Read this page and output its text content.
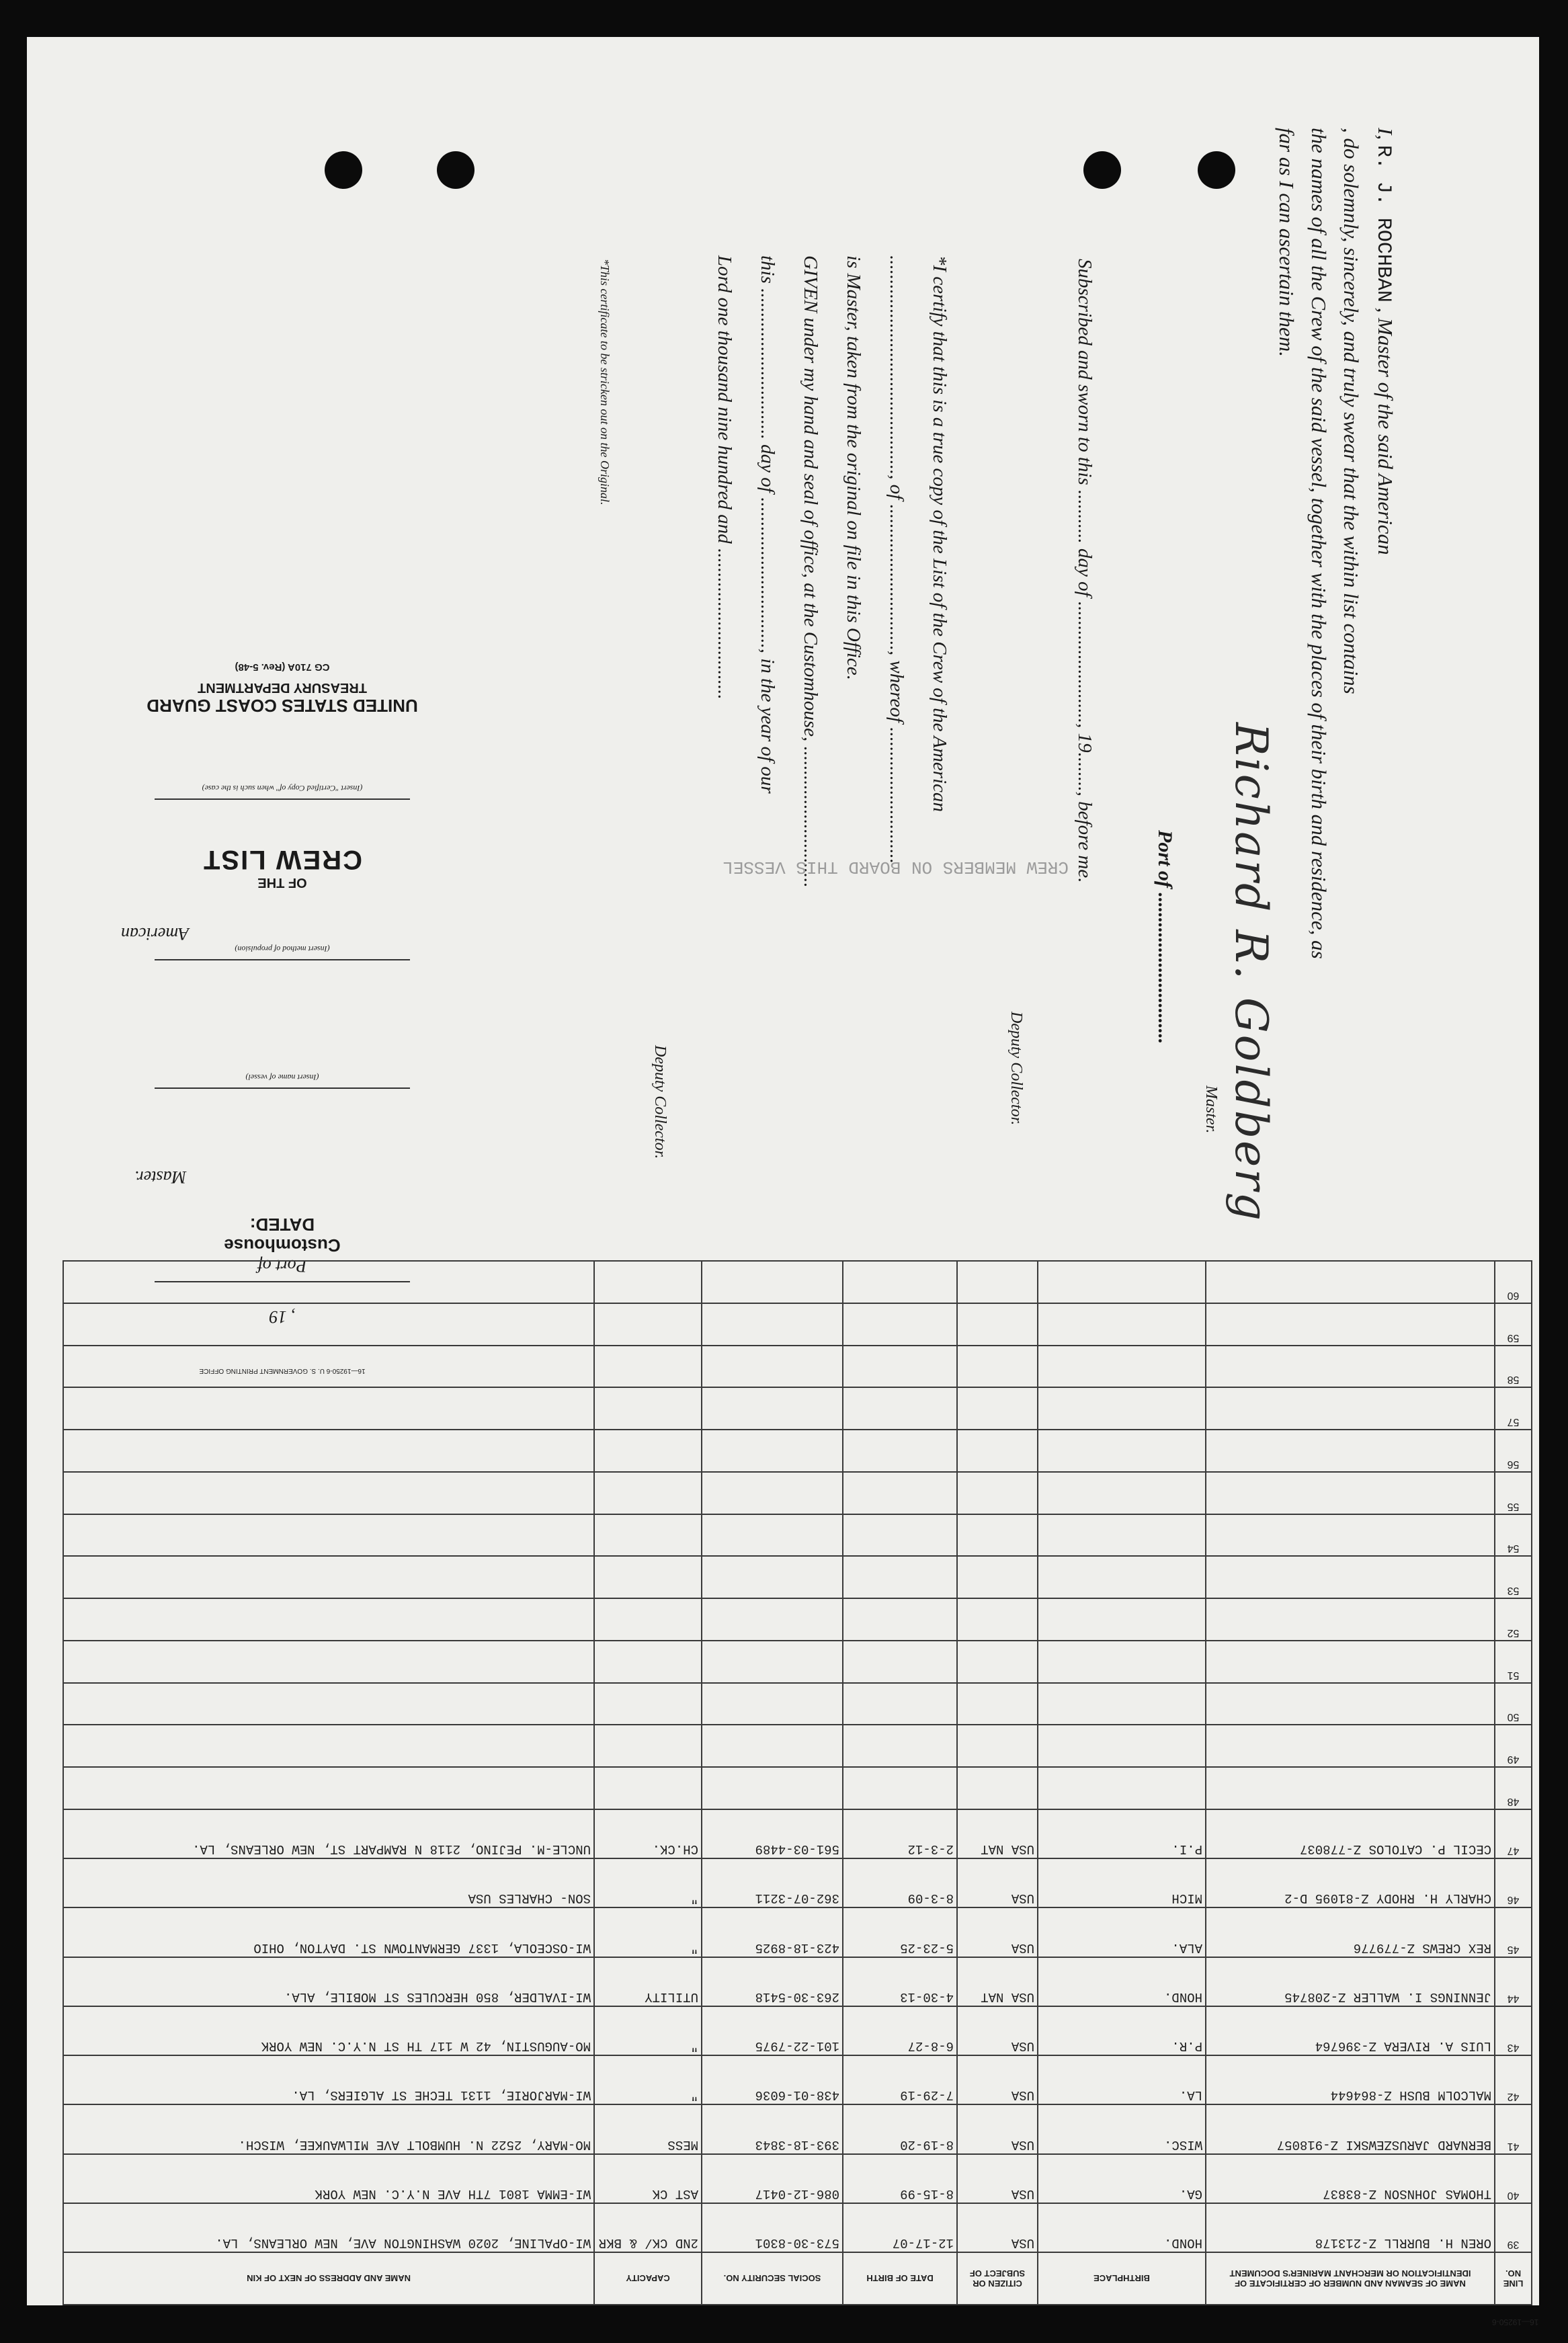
I, R. J. ROCHBAN , Master of the said American
, do solemnly, sincerely, and truly swear that the within list contains
the names of all the Crew of the said vessel, together with the places of their birth and residence, as
far as I can ascertain them.
Port of ..............................
Master.
Subscribed and sworn to this ........... day of ........................., 19........, before me.
Deputy Collector.
*I certify that this is a true copy of the List of the Crew of the American
............................................., of .............................., whereof ............................
is Master, taken from the original on file in this Office.
GIVEN under my hand and seal of office, at the Customhouse, .............................
this ............................... day of ..............................., in the year of our
Lord one thousand nine hundred and ...............................
Deputy Collector.
*This certificate to be stricken out on the Original.
Richard R. Goldberg
16—19250-6 U. S. GOVERNMENT PRINTING OFFICE
, 19
Port of
Customhouse
DATED:
Master.
(Insert name of vessel)
(Insert method of propulsion)
American
OF THE
CREW LIST
(Insert "Certified Copy of" when such is the case)
UNITED STATES COAST GUARD
TREASURY DEPARTMENT
CG 710A (Rev. 5-48)
CREW MEMBERS ON BOARD THIS VESSEL
LINE NO.	NAME OF SEAMAN AND NUMBER OF CERTIFICATE OF IDENTIFICATION OR MERCHANT MARINER'S DOCUMENT	BIRTHPLACE	CITIZEN OR SUBJECT OF	DATE OF BIRTH	SOCIAL SECURITY NO.	CAPACITY	NAME AND ADDRESS OF NEXT OF KIN
39	OREN H. BURRLL Z-213178	HOND.	USA	12-17-07	573-30-8301	2ND CK/ & BKR	WI-OPALINE, 2020 WASHINGTON AVE, NEW ORLEANS, LA.
40	THOMAS JOHNSON Z-83837	GA.	USA	8-15-99	086-12-0417	AST CK	WI-EMMA 1801 7TH AVE N.Y.C. NEW YORK
41	BERNARD JARUSZEWSKI Z-918057	WISC.	USA	8-19-20	393-18-3843	MESS	MO-MARY, 2522 N. HUMBOLT AVE MILWAUKEE, WISCH.
42	MALCOLM BUSH Z-864644	LA.	USA	7-29-19	438-01-6036	"	WI-MARJORIE, 1131 TECHE ST ALGIERS, LA.
43	LUIS A. RIVERA Z-396764	P.R.	USA	6-8-27	101-22-7975	"	MO-AUGUSTIN, 42 W 117 TH ST N.Y.C. NEW YORK
44	JENNINGS I. WALLER Z-208745	HOND.	USA NAT	4-30-13	263-30-5418	UTILITY	WI-IVALDER, 850 HERCULES ST MOBILE, ALA.
45	REX CREWS Z-779776	ALA.	USA	5-23-25	423-18-8925	"	WI-OSCEOLA, 1337 GERMANTOWN ST. DAYTON, OHIO
46	CHARLY H. RHODY Z-81095 D-2	MICH	USA	8-3-09	362-07-3211	"	SON- CHARLES USA
47	CECIL P. CATOLOS Z-778037	P.I.	USA NAT	2-3-12	561-03-4489	CH.CK.	UNCLE-M. PEJINO, 2118 N RAMPART ST, NEW ORLEANS, LA.
48							
49							
50							
51							
52							
53							
54							
55							
56							
57							
58							
59							
60							
16—19250-6
